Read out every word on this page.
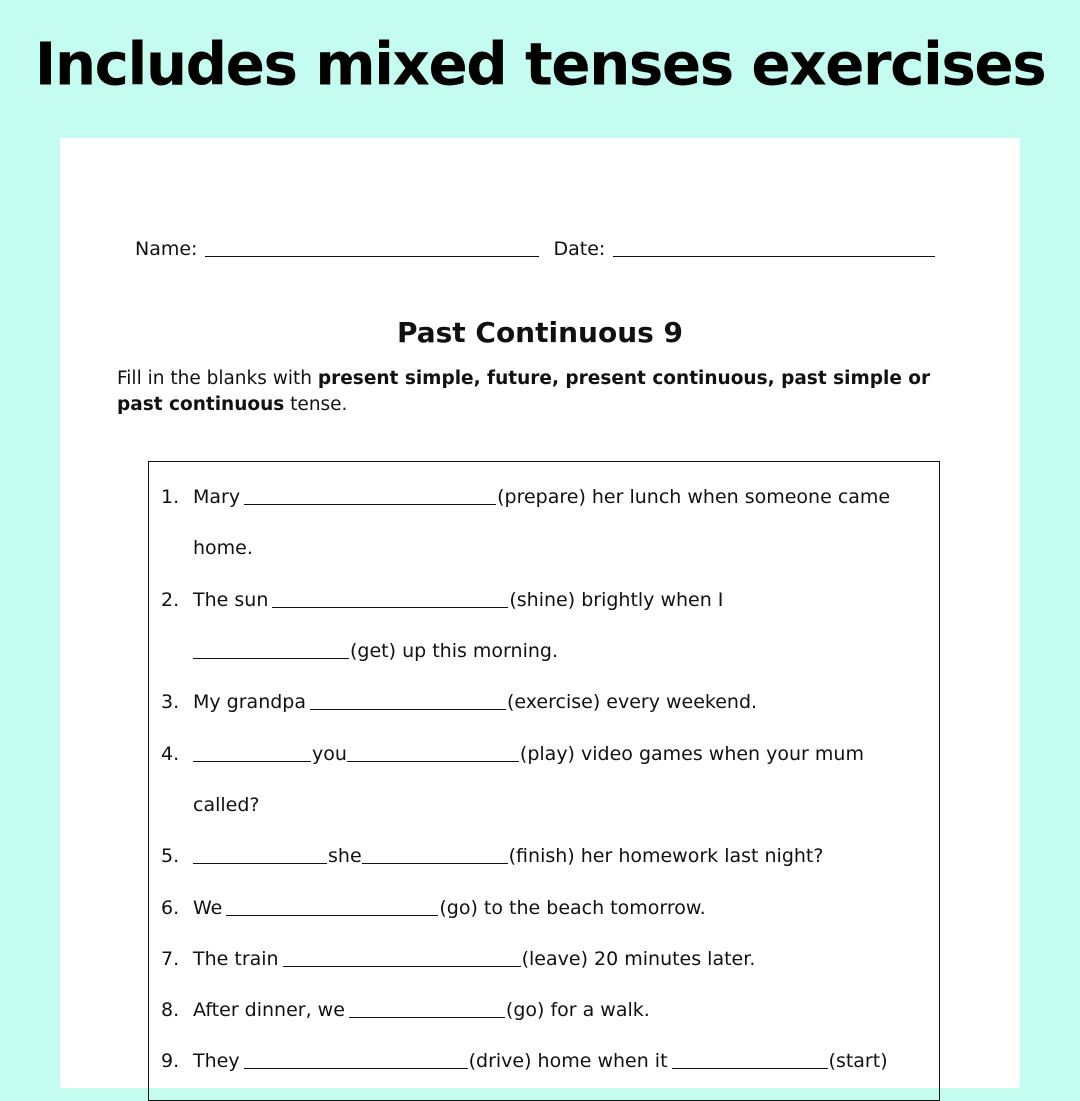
Includes mixed tenses exercises
Name:	Date:
Past Continuous 9
Fill in the blanks with present simple, future, present continuous, past simple or past continuous tense.
1. Mary	(prepare) her lunch when someone came
home.
2. The sun	(shine) brightly when I
(get) up this morning.
3. My grandpa	(exercise) every weekend.
4.	you	(play) video games when your mum
called?
5.	she	(finish) her homework last night?
6. We	(go) to the beach tomorrow.
7. The train	(leave) 20 minutes later.
8. After dinner, we	(go) for a walk.
9. They	(drive) home when it	(start)
